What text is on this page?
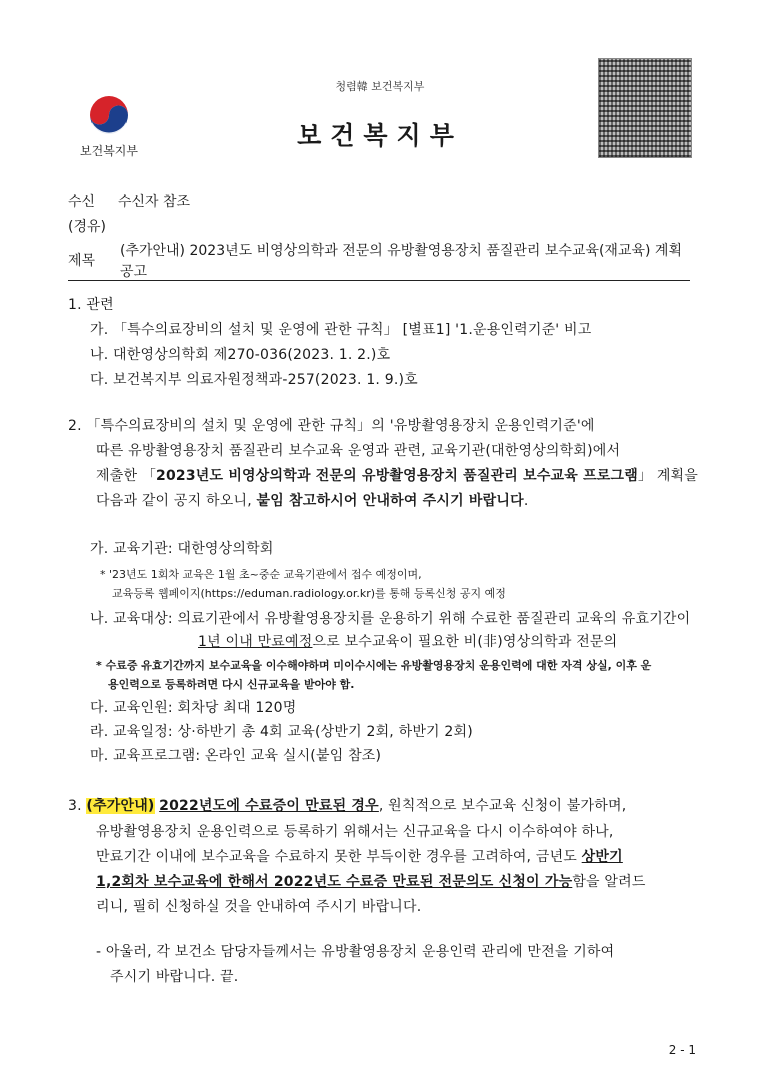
청렴韓 보건복지부
보건복지부
보건복지부
수신 수신자 참조
(경유)
제목
(추가안내) 2023년도 비영상의학과 전문의 유방촬영용장치 품질관리 보수교육(재교육) 계획
공고
1. 관련
가. 「특수의료장비의 설치 및 운영에 관한 규칙」 [별표1] '1.운용인력기준' 비고
나. 대한영상의학회 제270-036(2023. 1. 2.)호
다. 보건복지부 의료자원정책과-257(2023. 1. 9.)호
2. 「특수의료장비의 설치 및 운영에 관한 규칙」의 '유방촬영용장치 운용인력기준'에
따른 유방촬영용장치 품질관리 보수교육 운영과 관련, 교육기관(대한영상의학회)에서
제출한 「2023년도 비영상의학과 전문의 유방촬영용장치 품질관리 보수교육 프로그램」 계획을
다음과 같이 공지 하오니, 붙임 참고하시어 안내하여 주시기 바랍니다.
가. 교육기관: 대한영상의학회
* '23년도 1회차 교육은 1월 초~중순 교육기관에서 접수 예정이며,
교육등록 웹페이지(https://eduman.radiology.or.kr)를 통해 등록신청 공지 예정
나. 교육대상: 의료기관에서 유방촬영용장치를 운용하기 위해 수료한 품질관리 교육의 유효기간이
1년 이내 만료예정으로 보수교육이 필요한 비(非)영상의학과 전문의
* 수료증 유효기간까지 보수교육을 이수해야하며 미이수시에는 유방촬영용장치 운용인력에 대한 자격 상실, 이후 운
용인력으로 등록하려면 다시 신규교육을 받아야 함.
다. 교육인원: 회차당 최대 120명
라. 교육일정: 상·하반기 총 4회 교육(상반기 2회, 하반기 2회)
마. 교육프로그램: 온라인 교육 실시(붙임 참조)
3. (추가안내) 2022년도에 수료증이 만료된 경우, 원칙적으로 보수교육 신청이 불가하며,
유방촬영용장치 운용인력으로 등록하기 위해서는 신규교육을 다시 이수하여야 하나,
만료기간 이내에 보수교육을 수료하지 못한 부득이한 경우를 고려하여, 금년도 상반기
1,2회차 보수교육에 한해서 2022년도 수료증 만료된 전문의도 신청이 가능함을 알려드
리니, 필히 신청하실 것을 안내하여 주시기 바랍니다.
- 아울러, 각 보건소 담당자들께서는 유방촬영용장치 운용인력 관리에 만전을 기하여
주시기 바랍니다. 끝.
2 - 1
